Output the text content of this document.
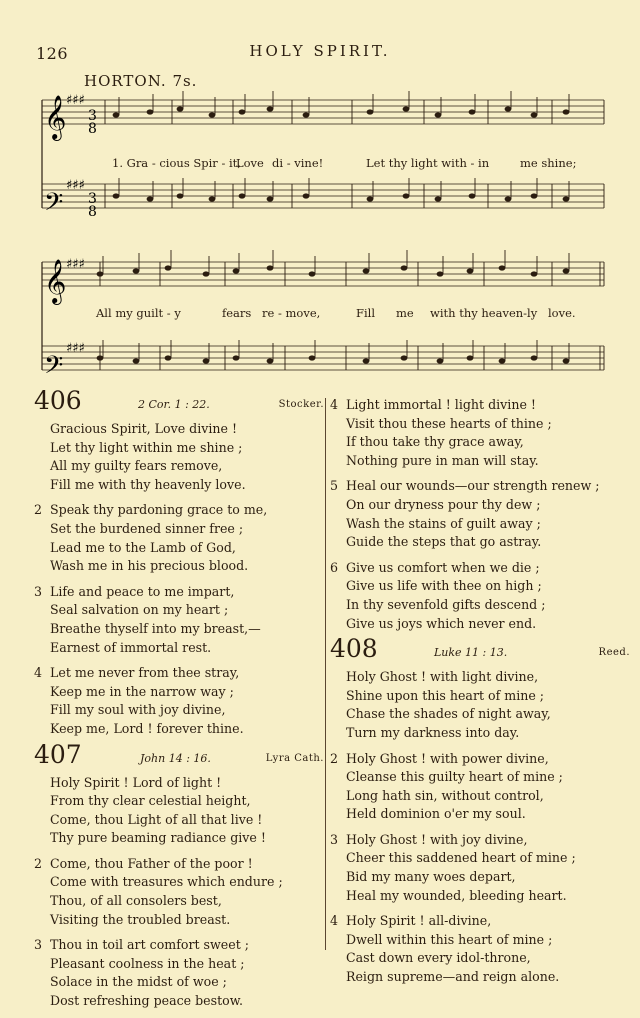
126	HOLY SPIRIT.
HORTON. 7s.
3
8
3
8
𝄞
𝄢
𝄞
𝄢
♯♯♯
♯♯♯
♯♯♯
♯♯♯
1. Gra - cious Spir - it,
Love di - vine!	Let thy light with - in	me shine;
All my guilt - y	fears re - move,	Fill me with thy heaven-ly love.
406	2 Cor. 1 : 22.	Stocker.
Gracious Spirit, Love divine !
Let thy light within me shine ;
All my guilty fears remove,
Fill me with thy heavenly love.
2 Speak thy pardoning grace to me,
Set the burdened sinner free ;
Lead me to the Lamb of God,
Wash me in his precious blood.
3 Life and peace to me impart,
Seal salvation on my heart ;
Breathe thyself into my breast,—
Earnest of immortal rest.
4 Let me never from thee stray,
Keep me in the narrow way ;
Fill my soul with joy divine,
Keep me, Lord ! forever thine.
407	John 14 : 16.	Lyra Cath.
Holy Spirit ! Lord of light !
From thy clear celestial height,
Come, thou Light of all that live !
Thy pure beaming radiance give !
2 Come, thou Father of the poor !
Come with treasures which endure ;
Thou, of all consolers best,
Visiting the troubled breast.
3 Thou in toil art comfort sweet ;
Pleasant coolness in the heat ;
Solace in the midst of woe ;
Dost refreshing peace bestow.
4 Light immortal ! light divine !
Visit thou these hearts of thine ;
If thou take thy grace away,
Nothing pure in man will stay.
5 Heal our wounds—our strength renew ;
On our dryness pour thy dew ;
Wash the stains of guilt away ;
Guide the steps that go astray.
6 Give us comfort when we die ;
Give us life with thee on high ;
In thy sevenfold gifts descend ;
Give us joys which never end.
408	Luke 11 : 13.	Reed.
Holy Ghost ! with light divine,
Shine upon this heart of mine ;
Chase the shades of night away,
Turn my darkness into day.
2 Holy Ghost ! with power divine,
Cleanse this guilty heart of mine ;
Long hath sin, without control,
Held dominion o'er my soul.
3 Holy Ghost ! with joy divine,
Cheer this saddened heart of mine ;
Bid my many woes depart,
Heal my wounded, bleeding heart.
4 Holy Spirit ! all-divine,
Dwell within this heart of mine ;
Cast down every idol-throne,
Reign supreme—and reign alone.
